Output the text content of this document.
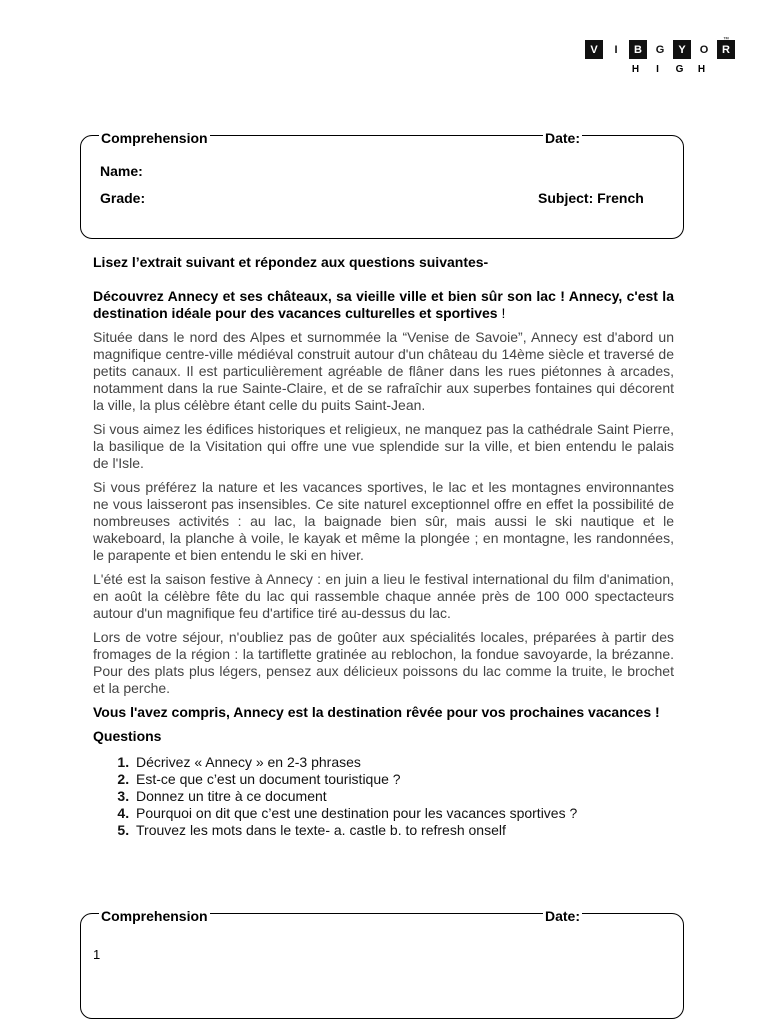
V	I	B	G	Y	O	R
™
H	I	G	H
Comprehension	Date:
Name:
Grade:	Subject: French

Lisez l’extrait suivant et répondez aux questions suivantes-

Découvrez Annecy et ses châteaux, sa vieille ville et bien sûr son lac ! Annecy, c'est la destination idéale pour des vacances culturelles et sportives !

Située dans le nord des Alpes et surnommée la “Venise de Savoie”, Annecy est d'abord un magnifique centre-ville médiéval construit autour d'un château du 14ème siècle et traversé de petits canaux. Il est particulièrement agréable de flâner dans les rues piétonnes à arcades, notamment dans la rue Sainte-Claire, et de se rafraîchir aux superbes fontaines qui décorent la ville, la plus célèbre étant celle du puits Saint-Jean.

Si vous aimez les édifices historiques et religieux, ne manquez pas la cathédrale Saint Pierre, la basilique de la Visitation qui offre une vue splendide sur la ville, et bien entendu le palais de l'Isle.

Si vous préférez la nature et les vacances sportives, le lac et les montagnes environnantes ne vous laisseront pas insensibles. Ce site naturel exceptionnel offre en effet la possibilité de nombreuses activités : au lac, la baignade bien sûr, mais aussi le ski nautique et le wakeboard, la planche à voile, le kayak et même la plongée ; en montagne, les randonnées, le parapente et bien entendu le ski en hiver.

L'été est la saison festive à Annecy : en juin a lieu le festival international du film d'animation, en août la célèbre fête du lac qui rassemble chaque année près de 100 000 spectacteurs autour d'un magnifique feu d'artifice tiré au-dessus du lac.

Lors de votre séjour, n'oubliez pas de goûter aux spécialités locales, préparées à partir des fromages de la région : la tartiflette gratinée au reblochon, la fondue savoyarde, la brézanne. Pour des plats plus légers, pensez aux délicieux poissons du lac comme la truite, le brochet et la perche.

Vous l'avez compris, Annecy est la destination rêvée pour vos prochaines vacances !

Questions

1. Décrivez « Annecy » en 2-3 phrases
2. Est-ce que c’est un document touristique ?
3. Donnez un titre à ce document
4. Pourquoi on dit que c’est une destination pour les vacances sportives ?
5. Trouvez les mots dans le texte- a. castle b. to refresh onself
Comprehension	Date:
1
